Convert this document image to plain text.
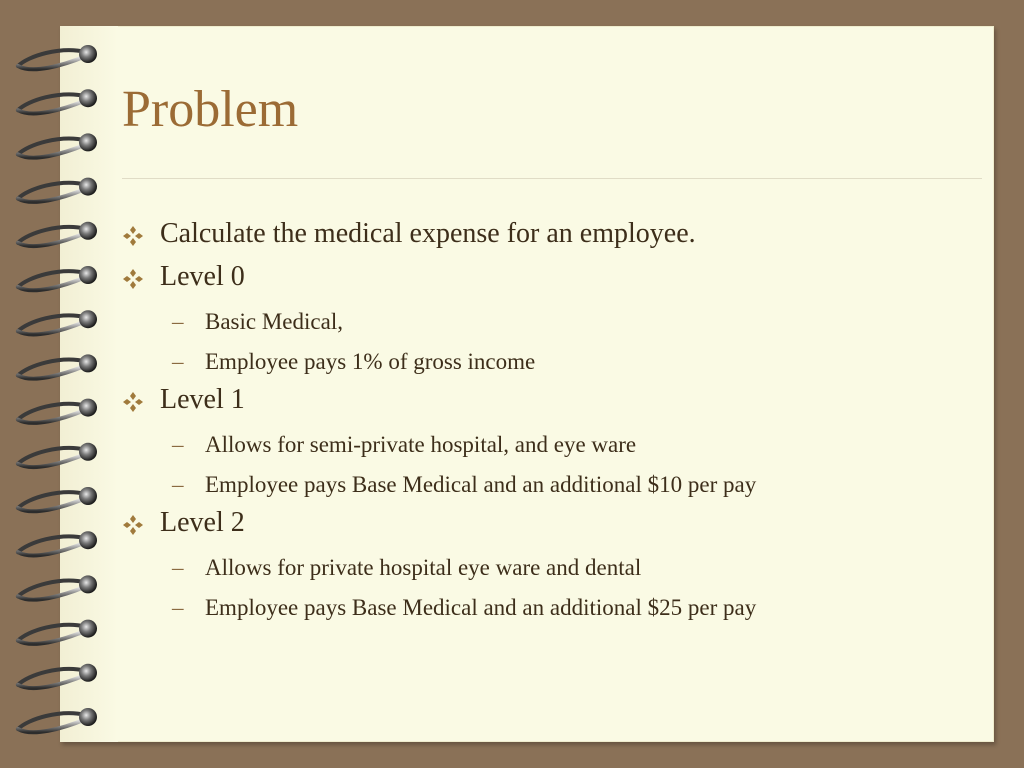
Problem
Calculate the medical expense for an employee.
Level 0
– Basic Medical,
– Employee pays 1% of gross income
Level 1
– Allows for semi-private hospital, and eye ware
– Employee pays Base Medical and an additional $10 per pay
Level 2
– Allows for private hospital eye ware and dental
– Employee pays Base Medical and an additional $25 per pay
